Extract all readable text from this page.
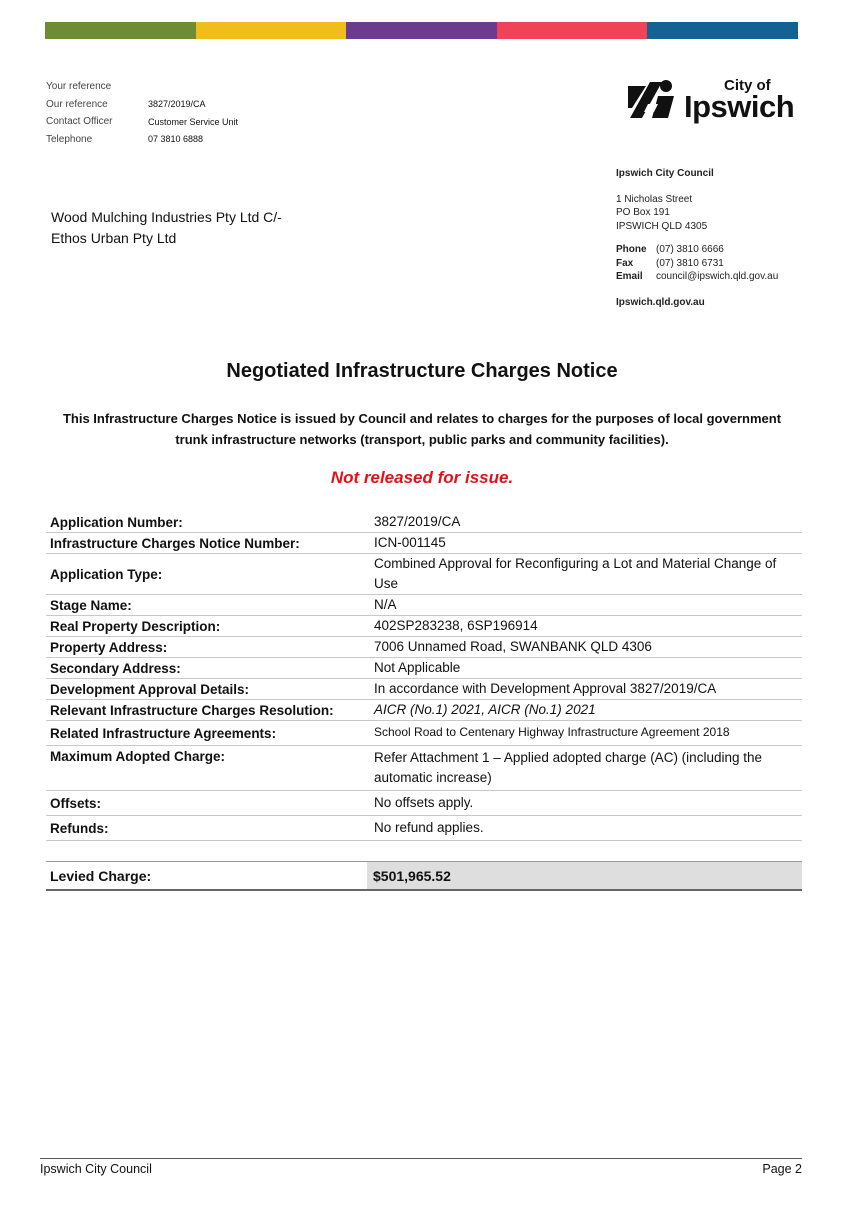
Your reference
Our reference	3827/2019/CA
Contact Officer	Customer Service Unit
Telephone	07 3810 6888
City of
Ipswich
Ipswich City Council
1 Nicholas Street
PO Box 191
IPSWICH QLD 4305
Phone (07) 3810 6666
Fax	(07) 3810 6731
Email	council@ipswich.qld.gov.au
Ipswich.qld.gov.au
Wood Mulching Industries Pty Ltd C/-
Ethos Urban Pty Ltd
Negotiated Infrastructure Charges Notice
This Infrastructure Charges Notice is issued by Council and relates to charges for the purposes of local government trunk infrastructure networks (transport, public parks and community facilities).
Not released for issue.
Application Number:	3827/2019/CA
Infrastructure Charges Notice Number:	ICN-001145
Application Type:
Combined Approval for Reconfiguring a Lot and Material Change of Use
Stage Name:	N/A
Real Property Description:	402SP283238, 6SP196914
Property Address:	7006 Unnamed Road, SWANBANK QLD 4306
Secondary Address:	Not Applicable
Development Approval Details:	In accordance with Development Approval 3827/2019/CA
Relevant Infrastructure Charges Resolution:	AICR (No.1) 2021, AICR (No.1) 2021
Related Infrastructure Agreements:	School Road to Centenary Highway Infrastructure Agreement 2018
Maximum Adopted Charge:	Refer Attachment 1 – Applied adopted charge (AC) (including the automatic increase)
Offsets:	No offsets apply.
Refunds:	No refund applies.
Levied Charge:	$501,965.52
Ipswich City Council	Page 2
